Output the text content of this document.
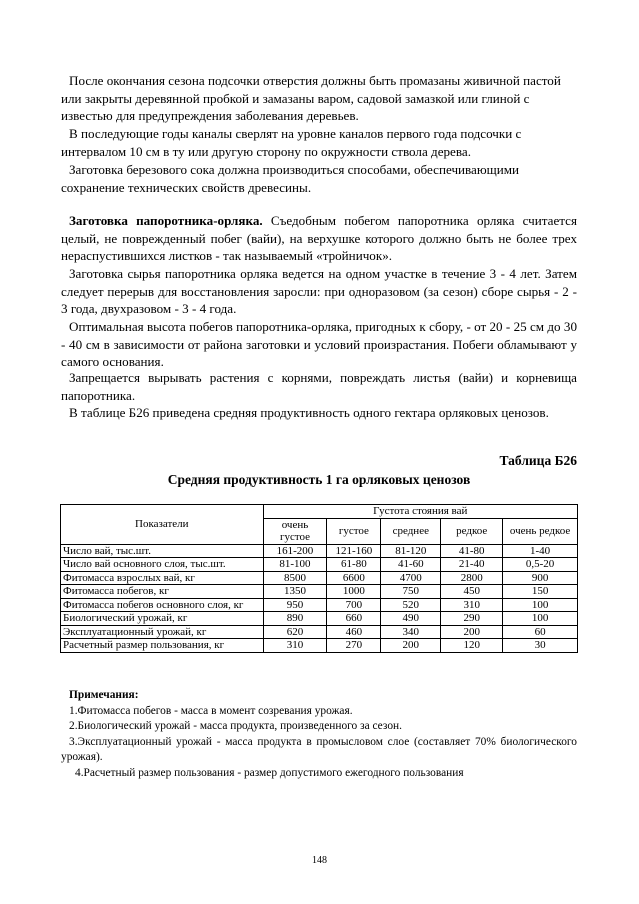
После окончания сезона подсочки отверстия должны быть промазаны живичной пастой или закрыты деревянной пробкой и замазаны варом, садовой замазкой или глиной с известью для предупреждения заболевания деревьев.

В последующие годы каналы сверлят на уровне каналов первого года подсочки с интервалом 10 см в ту или другую сторону по окружности ствола дерева.

Заготовка березового сока должна производиться способами, обеспечивающими сохранение технических свойств древесины.

Заготовка папоротника-орляка. Съедобным побегом папоротника орляка считается целый, не поврежденный побег (вайи), на верхушке которого должно быть не более трех нераспустившихся листков - так называемый «тройничок».

Заготовка сырья папоротника орляка ведется на одном участке в течение 3 - 4 лет. Затем следует перерыв для восстановления заросли: при одноразовом (за сезон) сборе сырья - 2 - 3 года, двухразовом - 3 - 4 года.

Оптимальная высота побегов папоротника-орляка, пригодных к сбору, - от 20 - 25 см до 30 - 40 см в зависимости от района заготовки и условий произрастания. Побеги обламывают у самого основания.

Запрещается вырывать растения с корнями, повреждать листья (вайи) и корневища папоротника.

В таблице Б26 приведена средняя продуктивность одного гектара орляковых ценозов.

Таблица Б26
Средняя продуктивность 1 га орляковых ценозов
Показатели	Густота стояния вай				
	очень густое	густое	среднее	редкое	очень редкое
Число вай, тыс.шт.	161-200	121-160	81-120	41-80	1-40
Число вай основного слоя, тыс.шт.	81-100	61-80	41-60	21-40	0,5-20
Фитомасса взрослых вай, кг	8500	6600	4700	2800	900
Фитомасса побегов, кг	1350	1000	750	450	150
Фитомасса побегов основного слоя, кг	950	700	520	310	100
Биологический урожай, кг	890	660	490	290	100
Эксплуатационный урожай, кг	620	460	340	200	60
Расчетный размер пользования, кг	310	270	200	120	30
Примечания:
1.Фитомасса побегов - масса в момент созревания урожая.
2.Биологический урожай - масса продукта, произведенного за сезон.
3.Эксплуатационный урожай - масса продукта в промысловом слое (составляет 70% биологического урожая).
4.Расчетный размер пользования - размер допустимого ежегодного пользования
148
